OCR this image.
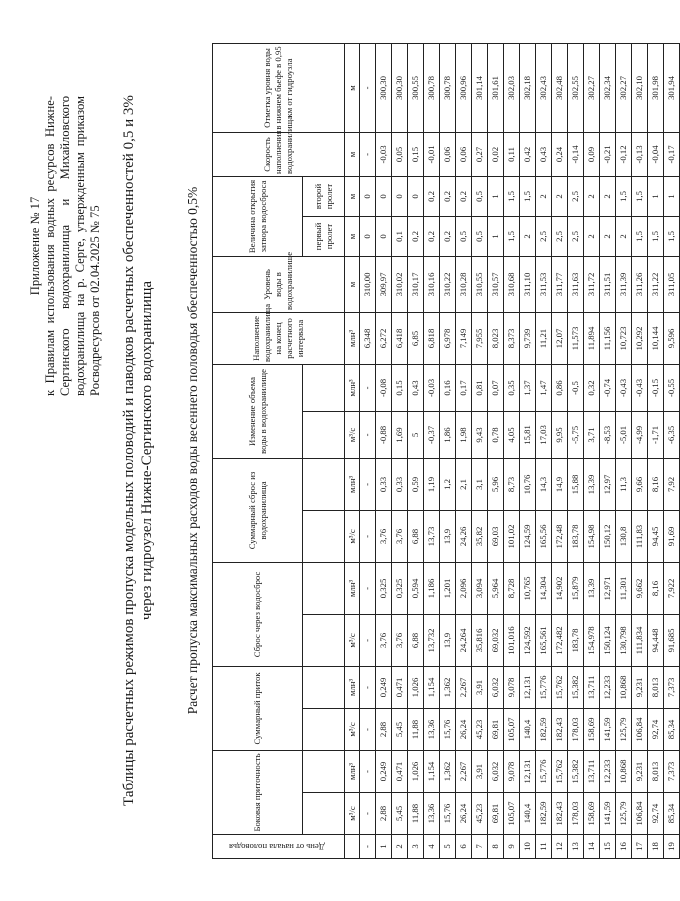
Приложение № 17 к Правилам использования водных ресурсов Нижне-Сергинского водохранилища и Михайловского водохранилища на р. Серге, утвержденным приказом Росводресурсов от 02.04.2025 № 75 Таблицы расчетных режимов пропуска модельных половодий и паводков расчетных обеспеченностей 0,5 и 3% через гидроузел Нижне-Сергинского водохранилища Расчет пропуска максимальных расходов воды весеннего половодья обеспеченностью 0,5%
День от начала половодья	Боковая приточность		Суммарный приток		Сброс через водосброс		Суммарный сброс из водохранилища		Изменение объема воды в водохранилище		Наполнение водохранилища на конец расчетного интервала	Уровень воды в водохранилище	Величина открытия затвора водосброса		Скорость наполнения водохранилища	Отметка уровня воды в нижнем бьефе в 0,95 км от гидроузла
													первый пролет	второй пролет		
	м³/с	млн³	м³/с	млн³	м³/с	млн³	м³/с	млн³	м³/с	млн³	млн³	м	м	м	м	м
-	-	-	-	-	-	-	-	-	-	-	6,348	310,00	0	0	-	-
1	2,88	0,249	2,88	0,249	3,76	0,325	3,76	0,33	-0,88	-0,08	6,272	309,97	0	0	-0,03	300,30
2	5,45	0,471	5,45	0,471	3,76	0,325	3,76	0,33	1,69	0,15	6,418	310,02	0,1	0	0,05	300,30
3	11,88	1,026	11,88	1,026	6,88	0,594	6,88	0,59	5	0,43	6,85	310,17	0,2	0	0,15	300,55
4	13,36	1,154	13,36	1,154	13,732	1,186	13,73	1,19	-0,37	-0,03	6,818	310,16	0,2	0,2	-0,01	300,78
5	15,76	1,362	15,76	1,362	13,9	1,201	13,9	1,2	1,86	0,16	6,978	310,22	0,2	0,2	0,06	300,78
6	26,24	2,267	26,24	2,267	24,264	2,096	24,26	2,1	1,98	0,17	7,149	310,28	0,5	0,2	0,06	300,96
7	45,23	3,91	45,23	3,91	35,816	3,094	35,82	3,1	9,43	0,81	7,955	310,55	0,5	0,5	0,27	301,14
8	69,81	6,032	69,81	6,032	69,032	5,964	69,03	5,96	0,78	0,07	8,023	310,57	1	1	0,02	301,61
9	105,07	9,078	105,07	9,078	101,016	8,728	101,02	8,73	4,05	0,35	8,373	310,68	1,5	1,5	0,11	302,03
10	140,4	12,131	140,4	12,131	124,592	10,765	124,59	10,76	15,81	1,37	9,739	311,10	2	1,5	0,42	302,18
11	182,59	15,776	182,59	15,776	165,561	14,304	165,56	14,3	17,03	1,47	11,21	311,53	2,5	2	0,43	302,43
12	182,43	15,762	182,43	15,762	172,482	14,902	172,48	14,9	9,95	0,86	12,07	311,77	2,5	2	0,24	302,48
13	178,03	15,382	178,03	15,382	183,78	15,879	183,78	15,88	-5,75	-0,5	11,573	311,63	2,5	2,5	-0,14	302,55
14	158,69	13,711	158,69	13,711	154,978	13,39	154,98	13,39	3,71	0,32	11,894	311,72	2	2	0,09	302,27
15	141,59	12,233	141,59	12,233	150,124	12,971	150,12	12,97	-8,53	-0,74	11,156	311,51	2	2	-0,21	302,34
16	125,79	10,868	125,79	10,868	130,798	11,301	130,8	11,3	-5,01	-0,43	10,723	311,39	2	1,5	-0,12	302,27
17	106,84	9,231	106,84	9,231	111,834	9,662	111,83	9,66	-4,99	-0,43	10,292	311,26	1,5	1,5	-0,13	302,10
18	92,74	8,013	92,74	8,013	94,448	8,16	94,45	8,16	-1,71	-0,15	10,144	311,22	1,5	1	-0,04	301,98
19	85,34	7,373	85,34	7,373	91,685	7,922	91,69	7,92	-6,35	-0,55	9,596	311,05	1,5	1	-0,17	301,94
